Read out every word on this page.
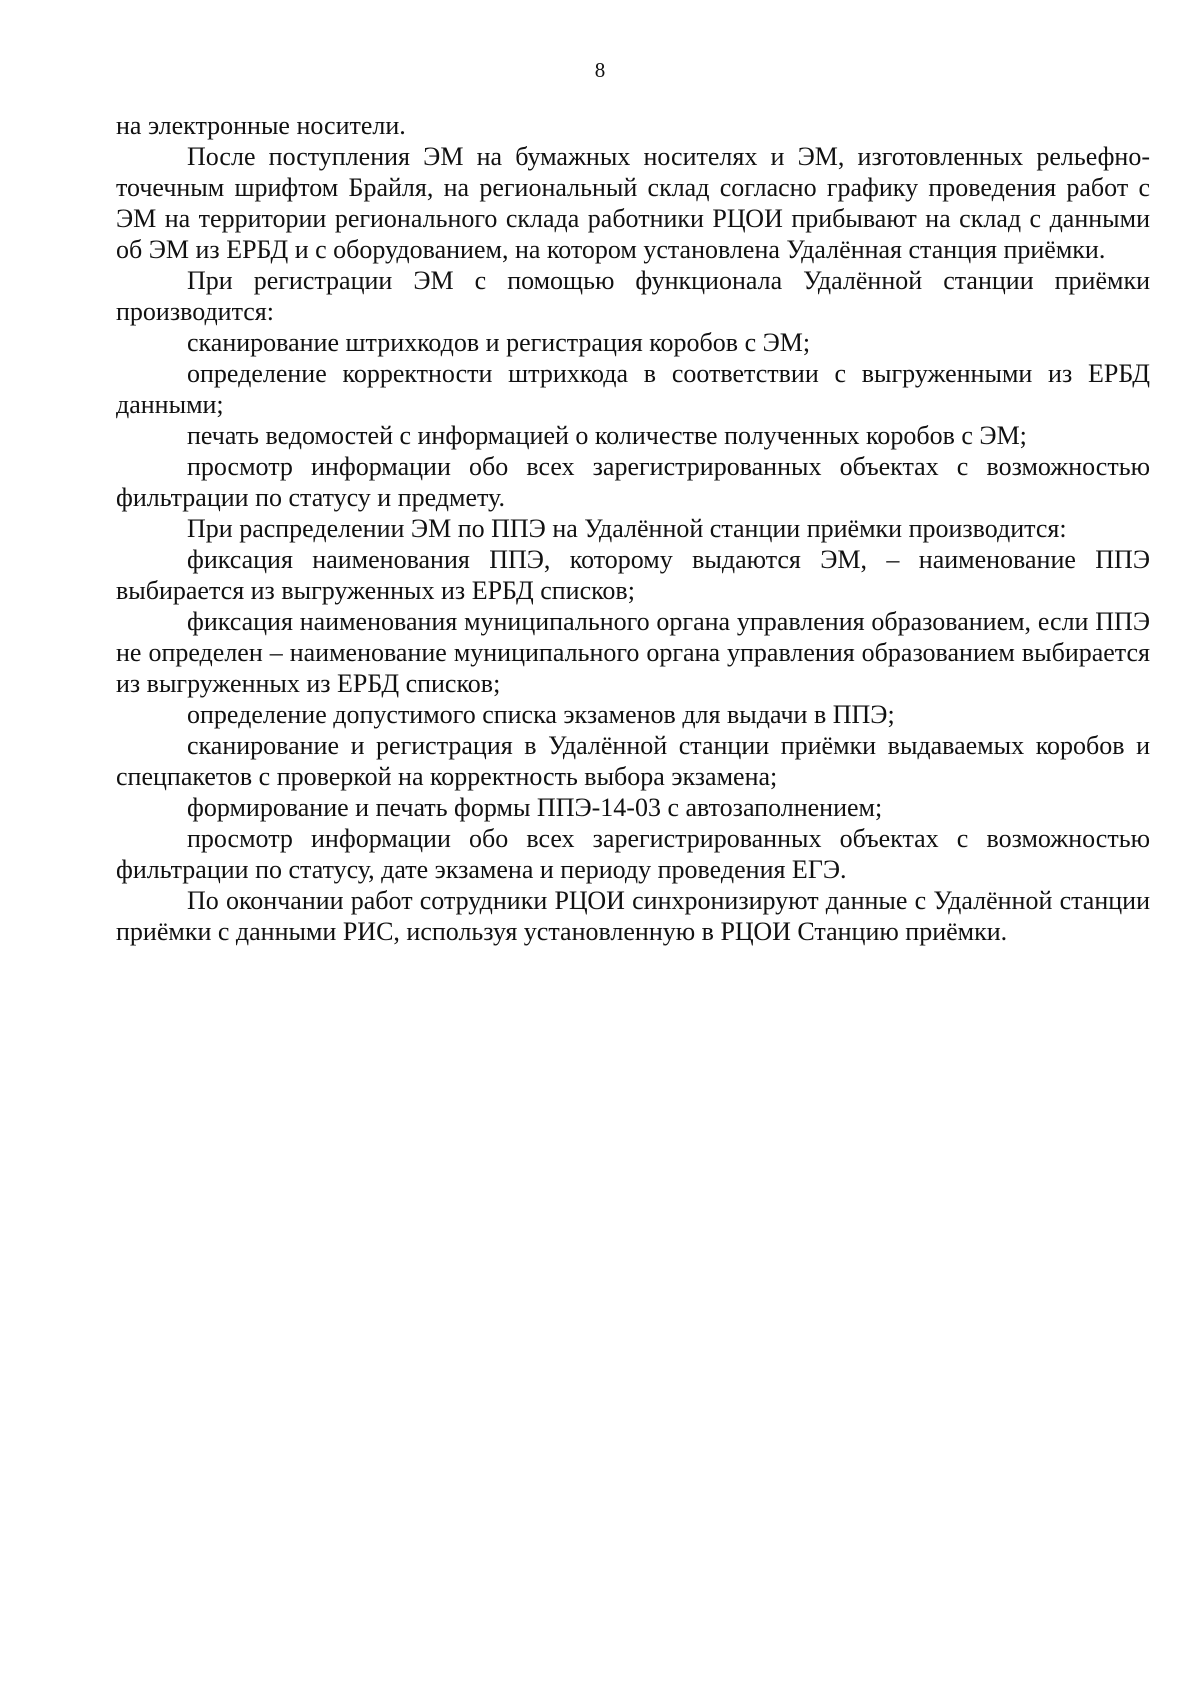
8

на электронные носители.

После поступления ЭМ на бумажных носителях и ЭМ, изготовленных рельефно-точечным шрифтом Брайля, на региональный склад согласно графику проведения работ с ЭМ на территории регионального склада работники РЦОИ прибывают на склад с данными об ЭМ из ЕРБД и с оборудованием, на котором установлена Удалённая станция приёмки.

При регистрации ЭМ с помощью функционала Удалённой станции приёмки производится:

сканирование штрихкодов и регистрация коробов с ЭМ;

определение корректности штрихкода в соответствии с выгруженными из ЕРБД данными;

печать ведомостей с информацией о количестве полученных коробов с ЭМ;

просмотр информации обо всех зарегистрированных объектах с возможностью фильтрации по статусу и предмету.

При распределении ЭМ по ППЭ на Удалённой станции приёмки производится:

фиксация наименования ППЭ, которому выдаются ЭМ, – наименование ППЭ выбирается из выгруженных из ЕРБД списков;

фиксация наименования муниципального органа управления образованием, если ППЭ не определен – наименование муниципального органа управления образованием выбирается из выгруженных из ЕРБД списков;

определение допустимого списка экзаменов для выдачи в ППЭ;

сканирование и регистрация в Удалённой станции приёмки выдаваемых коробов и спецпакетов с проверкой на корректность выбора экзамена;

формирование и печать формы ППЭ-14-03 с автозаполнением;

просмотр информации обо всех зарегистрированных объектах с возможностью фильтрации по статусу, дате экзамена и периоду проведения ЕГЭ.

По окончании работ сотрудники РЦОИ синхронизируют данные с Удалённой станции приёмки с данными РИС, используя установленную в РЦОИ Станцию приёмки.
